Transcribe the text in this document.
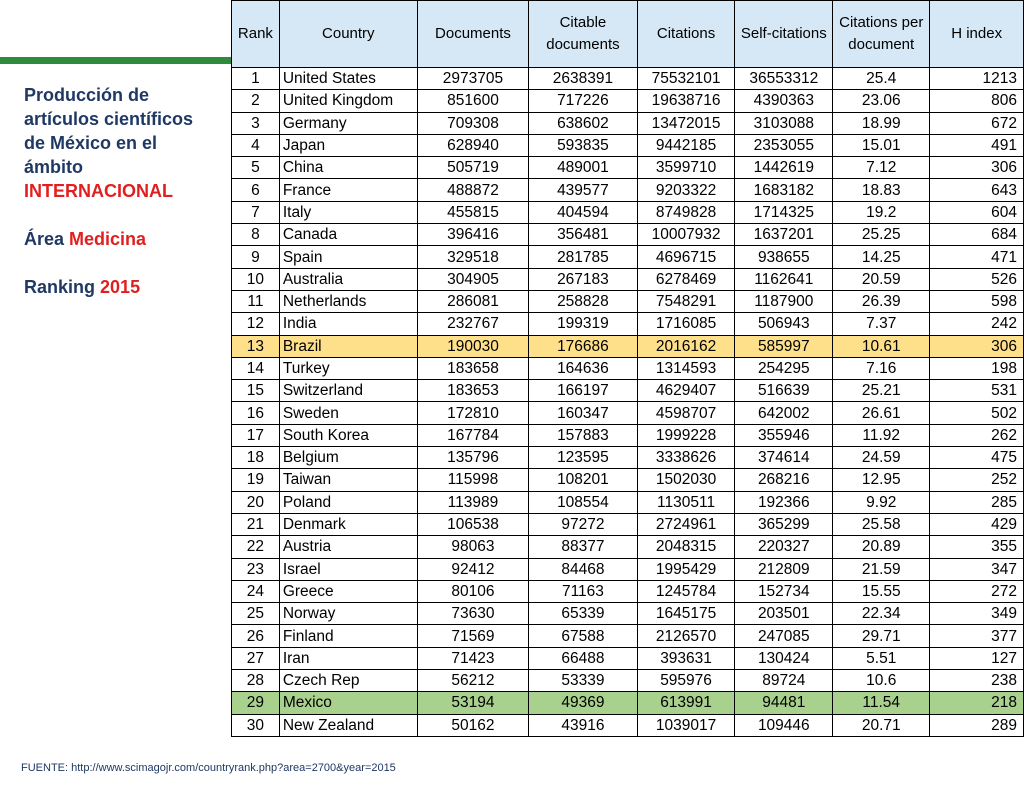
Producción de
artículos científicos
de México en el
ámbito
INTERNACIONAL
Área Medicina
Ranking 2015
Rank	Country	Documents	Citable documents	Citations	Self-citations	Citations per document	H index
1	United States	2973705	2638391	75532101	36553312	25.4	1213
2	United Kingdom	851600	717226	19638716	4390363	23.06	806
3	Germany	709308	638602	13472015	3103088	18.99	672
4	Japan	628940	593835	9442185	2353055	15.01	491
5	China	505719	489001	3599710	1442619	7.12	306
6	France	488872	439577	9203322	1683182	18.83	643
7	Italy	455815	404594	8749828	1714325	19.2	604
8	Canada	396416	356481	10007932	1637201	25.25	684
9	Spain	329518	281785	4696715	938655	14.25	471
10	Australia	304905	267183	6278469	1162641	20.59	526
11	Netherlands	286081	258828	7548291	1187900	26.39	598
12	India	232767	199319	1716085	506943	7.37	242
13	Brazil	190030	176686	2016162	585997	10.61	306
14	Turkey	183658	164636	1314593	254295	7.16	198
15	Switzerland	183653	166197	4629407	516639	25.21	531
16	Sweden	172810	160347	4598707	642002	26.61	502
17	South Korea	167784	157883	1999228	355946	11.92	262
18	Belgium	135796	123595	3338626	374614	24.59	475
19	Taiwan	115998	108201	1502030	268216	12.95	252
20	Poland	113989	108554	1130511	192366	9.92	285
21	Denmark	106538	97272	2724961	365299	25.58	429
22	Austria	98063	88377	2048315	220327	20.89	355
23	Israel	92412	84468	1995429	212809	21.59	347
24	Greece	80106	71163	1245784	152734	15.55	272
25	Norway	73630	65339	1645175	203501	22.34	349
26	Finland	71569	67588	2126570	247085	29.71	377
27	Iran	71423	66488	393631	130424	5.51	127
28	Czech Rep	56212	53339	595976	89724	10.6	238
29	Mexico	53194	49369	613991	94481	11.54	218
30	New Zealand	50162	43916	1039017	109446	20.71	289
FUENTE: http://www.scimagojr.com/countryrank.php?area=2700&year=2015
